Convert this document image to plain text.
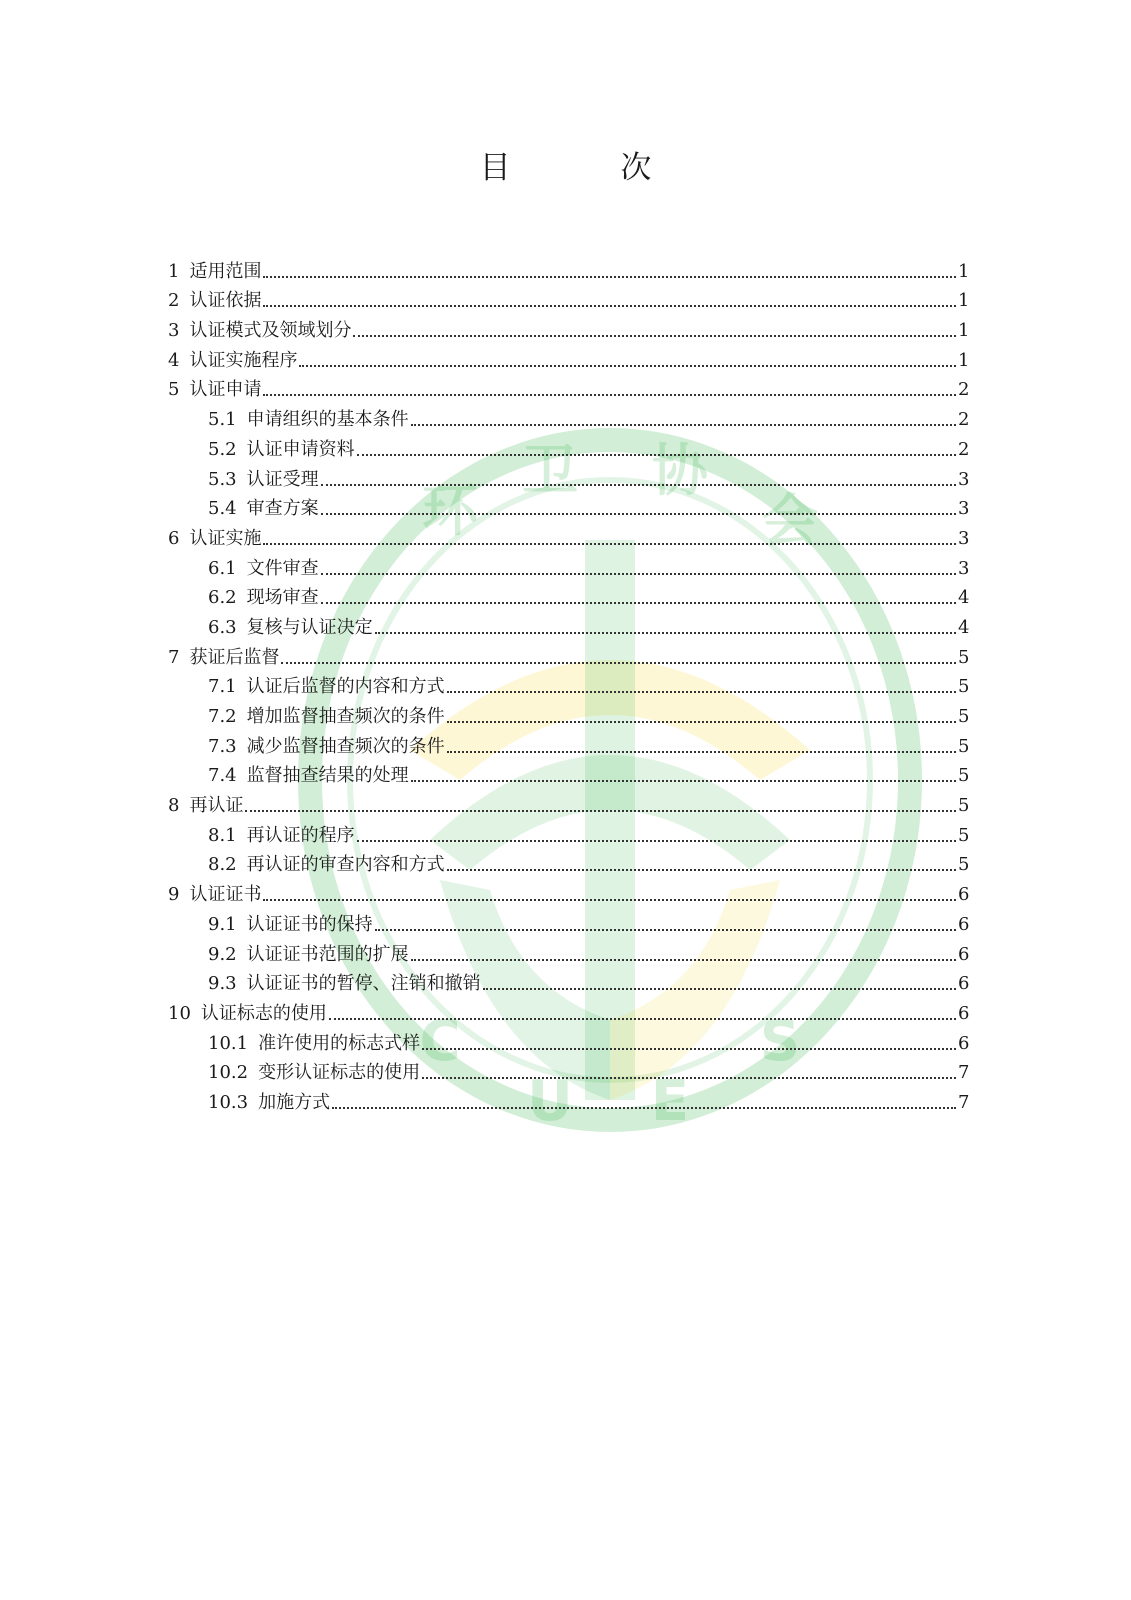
环
卫 协
会
C
U E
S
目 次
1 适用范围	1
2 认证依据	1
3 认证模式及领域划分	1
4 认证实施程序	1
5 认证申请	2
5.1 申请组织的基本条件	2
5.2 认证申请资料	2
5.3 认证受理	3
5.4 审查方案	3
6 认证实施	3
6.1 文件审查	3
6.2 现场审查	4
6.3 复核与认证决定	4
7 获证后监督	5
7.1 认证后监督的内容和方式	5
7.2 增加监督抽查频次的条件	5
7.3 减少监督抽查频次的条件	5
7.4 监督抽查结果的处理	5
8 再认证	5
8.1 再认证的程序	5
8.2 再认证的审查内容和方式	5
9 认证证书	6
9.1 认证证书的保持	6
9.2 认证证书范围的扩展	6
9.3 认证证书的暂停、注销和撤销	6
10 认证标志的使用	6
10.1 准许使用的标志式样	6
10.2 变形认证标志的使用	7
10.3 加施方式	7
